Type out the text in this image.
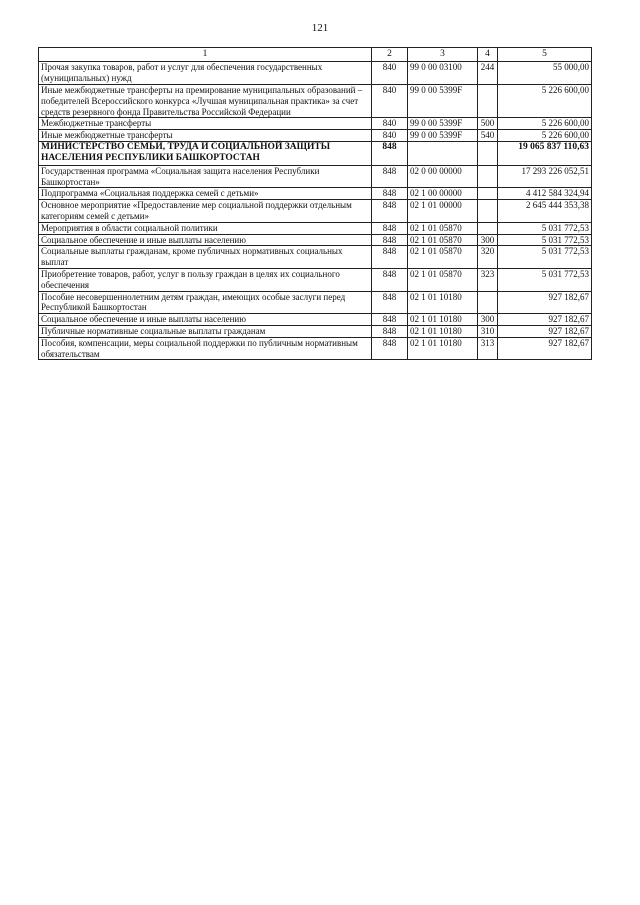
121
1	2	3	4	5
Прочая закупка товаров, работ и услуг для обеспечения государственных (муниципальных) нужд	840	99 0 00 03100	244	55 000,00
Иные межбюджетные трансферты на премирование муниципальных образований – победителей Всероссийского конкурса «Лучшая муниципальная практика» за счет средств резервного фонда Правительства Российской Федерации	840	99 0 00 5399F		5 226 600,00
Межбюджетные трансферты	840	99 0 00 5399F	500	5 226 600,00
Иные межбюджетные трансферты	840	99 0 00 5399F	540	5 226 600,00
МИНИСТЕРСТВО СЕМЬИ, ТРУДА И СОЦИАЛЬНОЙ ЗАЩИТЫ НАСЕЛЕНИЯ РЕСПУБЛИКИ БАШКОРТОСТАН	848			19 065 837 110,63
Государственная программа «Социальная защита населения Республики Башкортостан»	848	02 0 00 00000		17 293 226 052,51
Подпрограмма «Социальная поддержка семей с детьми»	848	02 1 00 00000		4 412 584 324,94
Основное мероприятие «Предоставление мер социальной поддержки отдельным категориям семей с детьми»	848	02 1 01 00000		2 645 444 353,38
Мероприятия в области социальной политики	848	02 1 01 05870		5 031 772,53
Социальное обеспечение и иные выплаты населению	848	02 1 01 05870	300	5 031 772,53
Социальные выплаты гражданам, кроме публичных нормативных социальных выплат	848	02 1 01 05870	320	5 031 772,53
Приобретение товаров, работ, услуг в пользу граждан в целях их социального обеспечения	848	02 1 01 05870	323	5 031 772,53
Пособие несовершеннолетним детям граждан, имеющих особые заслуги перед Республикой Башкортостан	848	02 1 01 10180		927 182,67
Социальное обеспечение и иные выплаты населению	848	02 1 01 10180	300	927 182,67
Публичные нормативные социальные выплаты гражданам	848	02 1 01 10180	310	927 182,67
Пособия, компенсации, меры социальной поддержки по публичным нормативным обязательствам	848	02 1 01 10180	313	927 182,67
